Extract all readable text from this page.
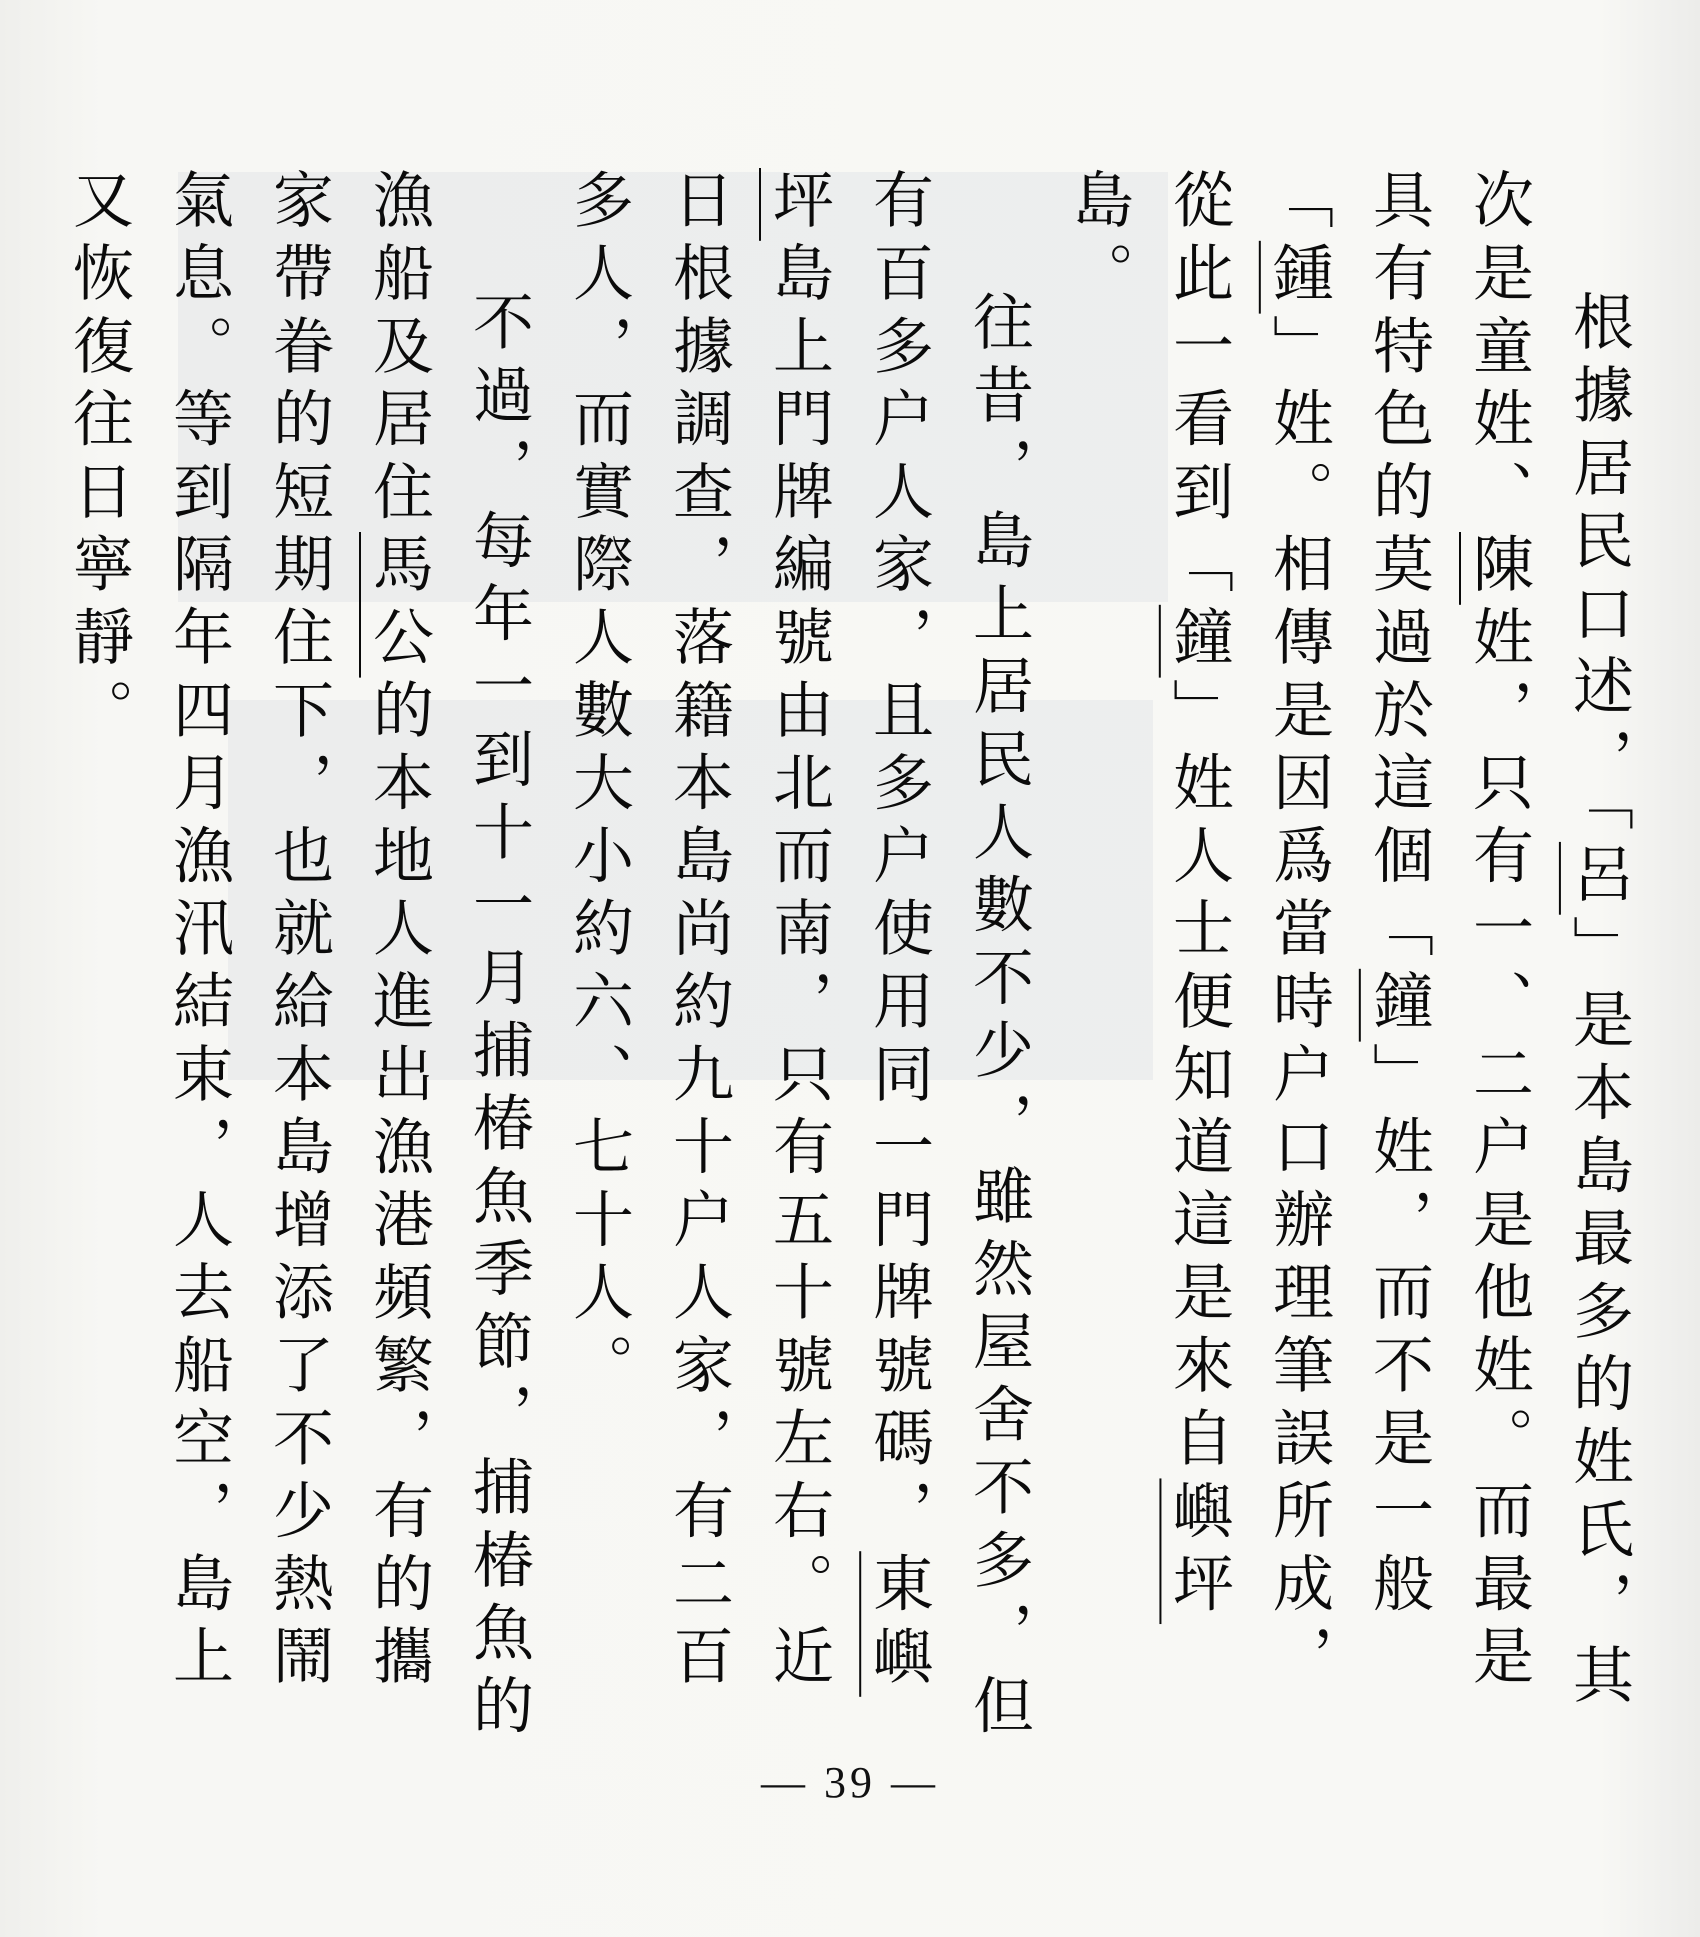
根據居民口述，「呂」是本島最多的姓氏，其次是童姓、陳姓，只有一、二户是他姓。而最是具有特色的莫過於這個「鐘」姓，而不是一般「鍾」姓。相傳是因爲當時户口辦理筆誤所成，從此一看到「鐘」姓人士便知道這是來自嶼坪島。

往昔，島上居民人數不少，雖然屋舍不多，但有百多户人家，且多户使用同一門牌號碼，東嶼坪島上門牌編號由北而南，只有五十號左右。近日根據調查，落籍本島尚約九十户人家，有二百多人，而實際人數大小約六、七十人。

不過，每年一到十一月捕椿魚季節，捕椿魚的漁船及居住馬公的本地人進出漁港頻繁，有的攜家帶眷的短期住下，也就給本島增添了不少熱鬧氣息。等到隔年四月漁汛結束，人去船空，島上又恢復往日寧靜。

— 39 —
